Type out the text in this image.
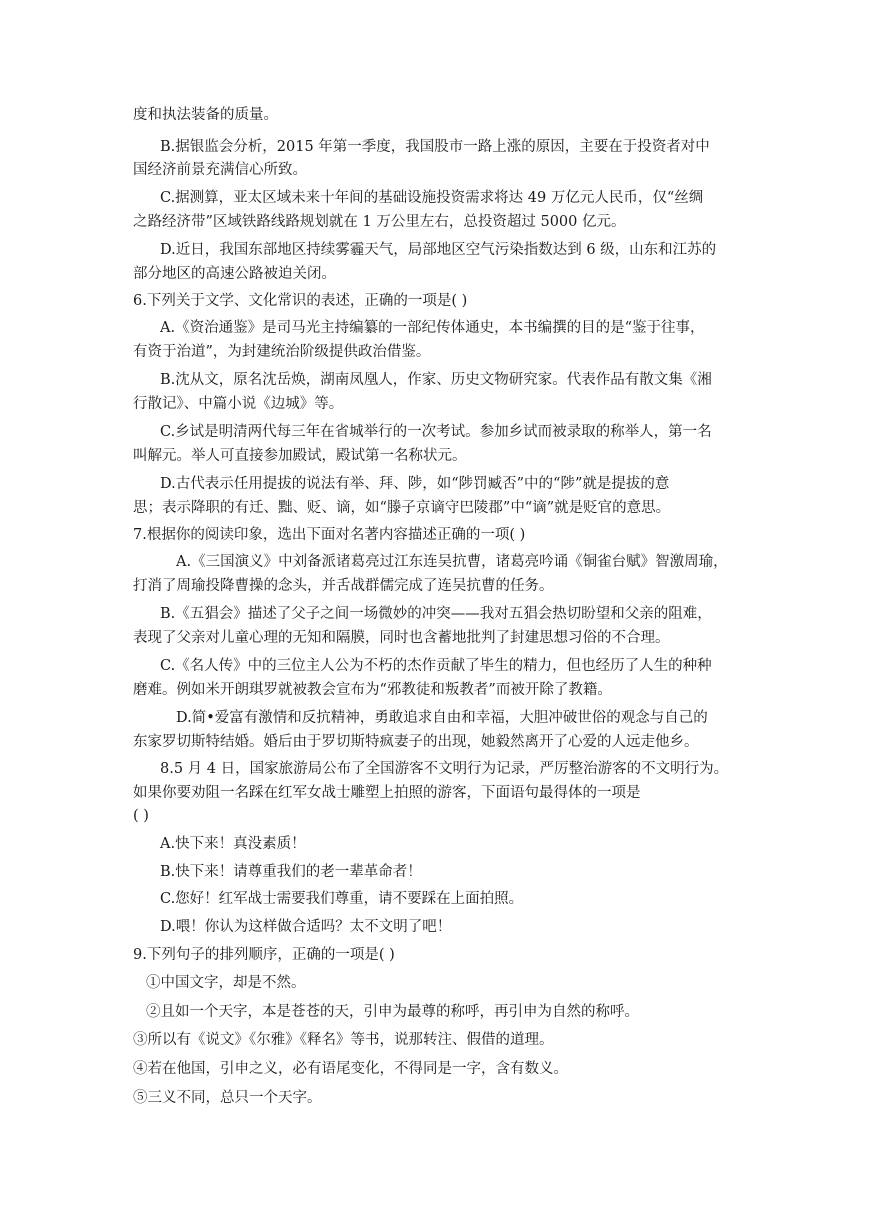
度和执法装备的质量。
B.据银监会分析，2015 年第一季度，我国股市一路上涨的原因，主要在于投资者对中
国经济前景充满信心所致。
C.据测算，亚太区域未来十年间的基础设施投资需求将达 49 万亿元人民币，仅“丝绸
之路经济带”区域铁路线路规划就在 1 万公里左右，总投资超过 5000 亿元。
D.近日，我国东部地区持续雾霾天气，局部地区空气污染指数达到 6 级，山东和江苏的
部分地区的高速公路被迫关闭。
6.下列关于文学、文化常识的表述，正确的一项是( )
A.《资治通鉴》是司马光主持编纂的一部纪传体通史，本书编撰的目的是“鉴于往事，
有资于治道”，为封建统治阶级提供政治借鉴。
B.沈从文，原名沈岳焕，湖南凤凰人，作家、历史文物研究家。代表作品有散文集《湘
行散记》、中篇小说《边城》等。
C.乡试是明清两代每三年在省城举行的一次考试。参加乡试而被录取的称举人，第一名
叫解元。举人可直接参加殿试，殿试第一名称状元。
D.古代表示任用提拔的说法有举、拜、陟，如“陟罚臧否”中的“陟”就是提拔的意
思；表示降职的有迁、黜、贬、谪，如“滕子京谪守巴陵郡”中“谪”就是贬官的意思。
7.根据你的阅读印象，选出下面对名著内容描述正确的一项( )
A.《三国演义》中刘备派诸葛亮过江东连吴抗曹，诸葛亮吟诵《铜雀台赋》智激周瑜，
打消了周瑜投降曹操的念头，并舌战群儒完成了连吴抗曹的任务。
B.《五猖会》描述了父子之间一场微妙的冲突——我对五猖会热切盼望和父亲的阻难，
表现了父亲对儿童心理的无知和隔膜，同时也含蓄地批判了封建思想习俗的不合理。
C.《名人传》中的三位主人公为不朽的杰作贡献了毕生的精力，但也经历了人生的种种
磨难。例如米开朗琪罗就被教会宣布为“邪教徒和叛教者”而被开除了教籍。
D.简•爱富有激情和反抗精神，勇敢追求自由和幸福，大胆冲破世俗的观念与自己的
东家罗切斯特结婚。婚后由于罗切斯特疯妻子的出现，她毅然离开了心爱的人远走他乡。
8.5 月 4 日，国家旅游局公布了全国游客不文明行为记录，严厉整治游客的不文明行为。
如果你要劝阻一名踩在红军女战士雕塑上拍照的游客，下面语句最得体的一项是
( )
A.快下来！真没素质！
B.快下来！请尊重我们的老一辈革命者！
C.您好！红军战士需要我们尊重，请不要踩在上面拍照。
D.喂！你认为这样做合适吗？太不文明了吧！
9.下列句子的排列顺序，正确的一项是( )
①中国文字，却是不然。
②且如一个天字，本是苍苍的天，引申为最尊的称呼，再引申为自然的称呼。
③所以有《说文》《尔雅》《释名》等书，说那转注、假借的道理。
④若在他国，引申之义，必有语尾变化，不得同是一字，含有数义。
⑤三义不同，总只一个天字。
